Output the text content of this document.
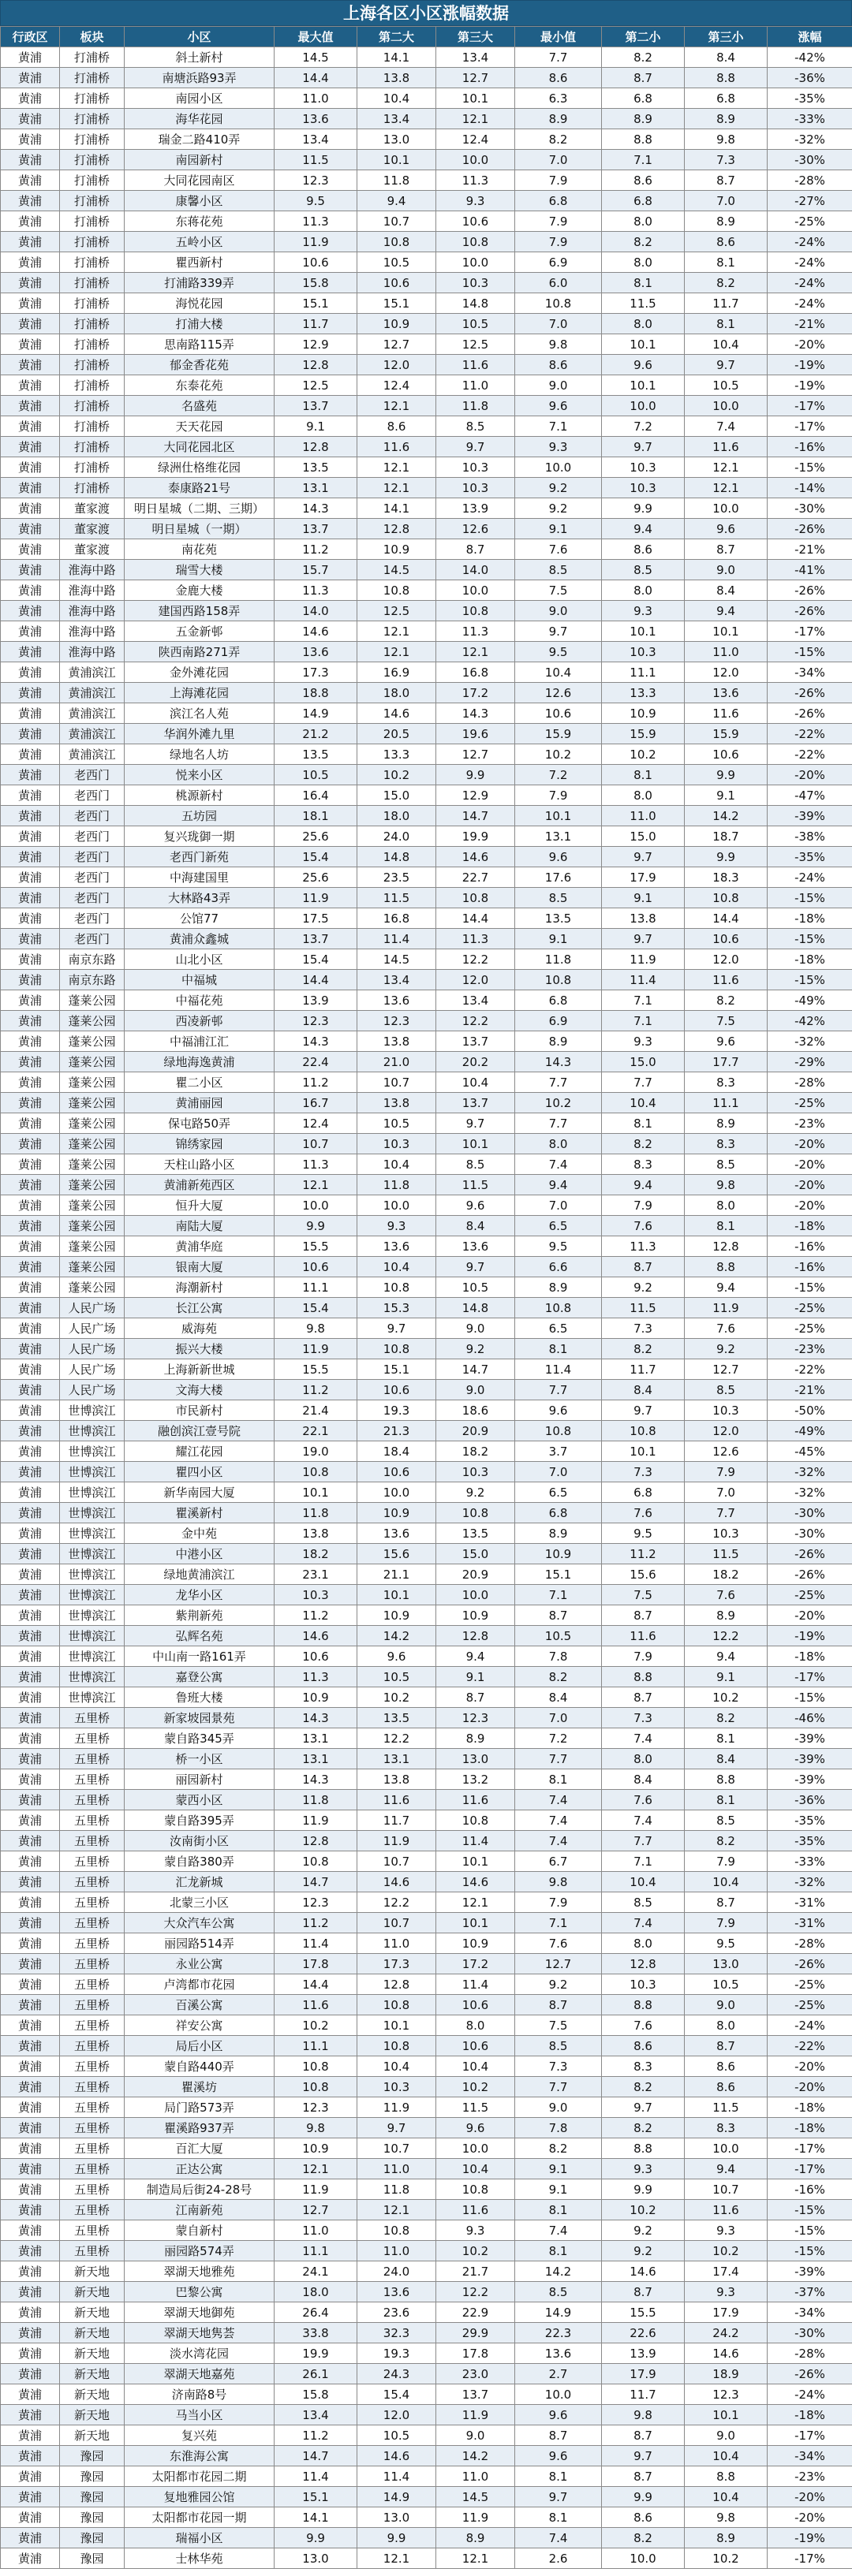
上海各区小区涨幅数据
行政区	板块	小区	最大值	第二大	第三大	最小值	第二小	第三小	涨幅
黄浦	打浦桥	斜土新村	14.5	14.1	13.4	7.7	8.2	8.4	-42%
黄浦	打浦桥	南塘浜路93弄	14.4	13.8	12.7	8.6	8.7	8.8	-36%
黄浦	打浦桥	南园小区	11.0	10.4	10.1	6.3	6.8	6.8	-35%
黄浦	打浦桥	海华花园	13.6	13.4	12.1	8.9	8.9	8.9	-33%
黄浦	打浦桥	瑞金二路410弄	13.4	13.0	12.4	8.2	8.8	9.8	-32%
黄浦	打浦桥	南园新村	11.5	10.1	10.0	7.0	7.1	7.3	-30%
黄浦	打浦桥	大同花园南区	12.3	11.8	11.3	7.9	8.6	8.7	-28%
黄浦	打浦桥	康馨小区	9.5	9.4	9.3	6.8	6.8	7.0	-27%
黄浦	打浦桥	东蒋花苑	11.3	10.7	10.6	7.9	8.0	8.9	-25%
黄浦	打浦桥	五岭小区	11.9	10.8	10.8	7.9	8.2	8.6	-24%
黄浦	打浦桥	瞿西新村	10.6	10.5	10.0	6.9	8.0	8.1	-24%
黄浦	打浦桥	打浦路339弄	15.8	10.6	10.3	6.0	8.1	8.2	-24%
黄浦	打浦桥	海悦花园	15.1	15.1	14.8	10.8	11.5	11.7	-24%
黄浦	打浦桥	打浦大楼	11.7	10.9	10.5	7.0	8.0	8.1	-21%
黄浦	打浦桥	思南路115弄	12.9	12.7	12.5	9.8	10.1	10.4	-20%
黄浦	打浦桥	郁金香花苑	12.8	12.0	11.6	8.6	9.6	9.7	-19%
黄浦	打浦桥	东泰花苑	12.5	12.4	11.0	9.0	10.1	10.5	-19%
黄浦	打浦桥	名盛苑	13.7	12.1	11.8	9.6	10.0	10.0	-17%
黄浦	打浦桥	天天花园	9.1	8.6	8.5	7.1	7.2	7.4	-17%
黄浦	打浦桥	大同花园北区	12.8	11.6	9.7	9.3	9.7	11.6	-16%
黄浦	打浦桥	绿洲仕格维花园	13.5	12.1	10.3	10.0	10.3	12.1	-15%
黄浦	打浦桥	泰康路21号	13.1	12.1	10.3	9.2	10.3	12.1	-14%
黄浦	董家渡	明日星城（二期、三期）	14.3	14.1	13.9	9.2	9.9	10.0	-30%
黄浦	董家渡	明日星城（一期）	13.7	12.8	12.6	9.1	9.4	9.6	-26%
黄浦	董家渡	南花苑	11.2	10.9	8.7	7.6	8.6	8.7	-21%
黄浦	淮海中路	瑞雪大楼	15.7	14.5	14.0	8.5	8.5	9.0	-41%
黄浦	淮海中路	金鹿大楼	11.3	10.8	10.0	7.5	8.0	8.4	-26%
黄浦	淮海中路	建国西路158弄	14.0	12.5	10.8	9.0	9.3	9.4	-26%
黄浦	淮海中路	五金新邨	14.6	12.1	11.3	9.7	10.1	10.1	-17%
黄浦	淮海中路	陕西南路271弄	13.6	12.1	12.1	9.5	10.3	11.0	-15%
黄浦	黄浦滨江	金外滩花园	17.3	16.9	16.8	10.4	11.1	12.0	-34%
黄浦	黄浦滨江	上海滩花园	18.8	18.0	17.2	12.6	13.3	13.6	-26%
黄浦	黄浦滨江	滨江名人苑	14.9	14.6	14.3	10.6	10.9	11.6	-26%
黄浦	黄浦滨江	华润外滩九里	21.2	20.5	19.6	15.9	15.9	15.9	-22%
黄浦	黄浦滨江	绿地名人坊	13.5	13.3	12.7	10.2	10.2	10.6	-22%
黄浦	老西门	悦来小区	10.5	10.2	9.9	7.2	8.1	9.9	-20%
黄浦	老西门	桃源新村	16.4	15.0	12.9	7.9	8.0	9.1	-47%
黄浦	老西门	五坊园	18.1	18.0	14.7	10.1	11.0	14.2	-39%
黄浦	老西门	复兴珑御一期	25.6	24.0	19.9	13.1	15.0	18.7	-38%
黄浦	老西门	老西门新苑	15.4	14.8	14.6	9.6	9.7	9.9	-35%
黄浦	老西门	中海建国里	25.6	23.5	22.7	17.6	17.9	18.3	-24%
黄浦	老西门	大林路43弄	11.9	11.5	10.8	8.5	9.1	10.8	-15%
黄浦	老西门	公馆77	17.5	16.8	14.4	13.5	13.8	14.4	-18%
黄浦	老西门	黄浦众鑫城	13.7	11.4	11.3	9.1	9.7	10.6	-15%
黄浦	南京东路	山北小区	15.4	14.5	12.2	11.8	11.9	12.0	-18%
黄浦	南京东路	中福城	14.4	13.4	12.0	10.8	11.4	11.6	-15%
黄浦	蓬莱公园	中福花苑	13.9	13.6	13.4	6.8	7.1	8.2	-49%
黄浦	蓬莱公园	西凌新邨	12.3	12.3	12.2	6.9	7.1	7.5	-42%
黄浦	蓬莱公园	中福浦江汇	14.3	13.8	13.7	8.9	9.3	9.6	-32%
黄浦	蓬莱公园	绿地海逸黄浦	22.4	21.0	20.2	14.3	15.0	17.7	-29%
黄浦	蓬莱公园	瞿二小区	11.2	10.7	10.4	7.7	7.7	8.3	-28%
黄浦	蓬莱公园	黄浦丽园	16.7	13.8	13.7	10.2	10.4	11.1	-25%
黄浦	蓬莱公园	保屯路50弄	12.4	10.5	9.7	7.7	8.1	8.9	-23%
黄浦	蓬莱公园	锦绣家园	10.7	10.3	10.1	8.0	8.2	8.3	-20%
黄浦	蓬莱公园	天柱山路小区	11.3	10.4	8.5	7.4	8.3	8.5	-20%
黄浦	蓬莱公园	黄浦新苑西区	12.1	11.8	11.5	9.4	9.4	9.8	-20%
黄浦	蓬莱公园	恒升大厦	10.0	10.0	9.6	7.0	7.9	8.0	-20%
黄浦	蓬莱公园	南陆大厦	9.9	9.3	8.4	6.5	7.6	8.1	-18%
黄浦	蓬莱公园	黄浦华庭	15.5	13.6	13.6	9.5	11.3	12.8	-16%
黄浦	蓬莱公园	银南大厦	10.6	10.4	9.7	6.6	8.7	8.8	-16%
黄浦	蓬莱公园	海潮新村	11.1	10.8	10.5	8.9	9.2	9.4	-15%
黄浦	人民广场	长江公寓	15.4	15.3	14.8	10.8	11.5	11.9	-25%
黄浦	人民广场	威海苑	9.8	9.7	9.0	6.5	7.3	7.6	-25%
黄浦	人民广场	振兴大楼	11.9	10.8	9.2	8.1	8.2	9.2	-23%
黄浦	人民广场	上海新新世城	15.5	15.1	14.7	11.4	11.7	12.7	-22%
黄浦	人民广场	文海大楼	11.2	10.6	9.0	7.7	8.4	8.5	-21%
黄浦	世博滨江	市民新村	21.4	19.3	18.6	9.6	9.7	10.3	-50%
黄浦	世博滨江	融创滨江壹号院	22.1	21.3	20.9	10.8	10.8	12.0	-49%
黄浦	世博滨江	耀江花园	19.0	18.4	18.2	3.7	10.1	12.6	-45%
黄浦	世博滨江	瞿四小区	10.8	10.6	10.3	7.0	7.3	7.9	-32%
黄浦	世博滨江	新华南园大厦	10.1	10.0	9.2	6.5	6.8	7.0	-32%
黄浦	世博滨江	瞿溪新村	11.8	10.9	10.8	6.8	7.6	7.7	-30%
黄浦	世博滨江	金中苑	13.8	13.6	13.5	8.9	9.5	10.3	-30%
黄浦	世博滨江	中港小区	18.2	15.6	15.0	10.9	11.2	11.5	-26%
黄浦	世博滨江	绿地黄浦滨江	23.1	21.1	20.9	15.1	15.6	18.2	-26%
黄浦	世博滨江	龙华小区	10.3	10.1	10.0	7.1	7.5	7.6	-25%
黄浦	世博滨江	紫荆新苑	11.2	10.9	10.9	8.7	8.7	8.9	-20%
黄浦	世博滨江	弘辉名苑	14.6	14.2	12.8	10.5	11.6	12.2	-19%
黄浦	世博滨江	中山南一路161弄	10.6	9.6	9.4	7.8	7.9	9.4	-18%
黄浦	世博滨江	嘉登公寓	11.3	10.5	9.1	8.2	8.8	9.1	-17%
黄浦	世博滨江	鲁班大楼	10.9	10.2	8.7	8.4	8.7	10.2	-15%
黄浦	五里桥	新家坡园景苑	14.3	13.5	12.3	7.0	7.3	8.2	-46%
黄浦	五里桥	蒙自路345弄	13.1	12.2	8.9	7.2	7.4	8.1	-39%
黄浦	五里桥	桥一小区	13.1	13.1	13.0	7.7	8.0	8.4	-39%
黄浦	五里桥	丽园新村	14.3	13.8	13.2	8.1	8.4	8.8	-39%
黄浦	五里桥	蒙西小区	11.8	11.6	11.6	7.4	7.6	8.1	-36%
黄浦	五里桥	蒙自路395弄	11.9	11.7	10.8	7.4	7.4	8.5	-35%
黄浦	五里桥	汝南街小区	12.8	11.9	11.4	7.4	7.7	8.2	-35%
黄浦	五里桥	蒙自路380弄	10.8	10.7	10.1	6.7	7.1	7.9	-33%
黄浦	五里桥	汇龙新城	14.7	14.6	14.6	9.8	10.4	10.4	-32%
黄浦	五里桥	北蒙三小区	12.3	12.2	12.1	7.9	8.5	8.7	-31%
黄浦	五里桥	大众汽车公寓	11.2	10.7	10.1	7.1	7.4	7.9	-31%
黄浦	五里桥	丽园路514弄	11.4	11.0	10.9	7.6	8.0	9.5	-28%
黄浦	五里桥	永业公寓	17.8	17.3	17.2	12.7	12.8	13.0	-26%
黄浦	五里桥	卢湾都市花园	14.4	12.8	11.4	9.2	10.3	10.5	-25%
黄浦	五里桥	百溪公寓	11.6	10.8	10.6	8.7	8.8	9.0	-25%
黄浦	五里桥	祥安公寓	10.2	10.1	8.0	7.5	7.6	8.0	-24%
黄浦	五里桥	局后小区	11.1	10.8	10.6	8.5	8.6	8.7	-22%
黄浦	五里桥	蒙自路440弄	10.8	10.4	10.4	7.3	8.3	8.6	-20%
黄浦	五里桥	瞿溪坊	10.8	10.3	10.2	7.7	8.2	8.6	-20%
黄浦	五里桥	局门路573弄	12.3	11.9	11.5	9.0	9.7	11.5	-18%
黄浦	五里桥	瞿溪路937弄	9.8	9.7	9.6	7.8	8.2	8.3	-18%
黄浦	五里桥	百汇大厦	10.9	10.7	10.0	8.2	8.8	10.0	-17%
黄浦	五里桥	正达公寓	12.1	11.0	10.4	9.1	9.3	9.4	-17%
黄浦	五里桥	制造局后街24-28号	11.9	11.8	10.8	9.1	9.9	10.7	-16%
黄浦	五里桥	江南新苑	12.7	12.1	11.6	8.1	10.2	11.6	-15%
黄浦	五里桥	蒙自新村	11.0	10.8	9.3	7.4	9.2	9.3	-15%
黄浦	五里桥	丽园路574弄	11.1	11.0	10.2	8.1	9.2	10.2	-15%
黄浦	新天地	翠湖天地雅苑	24.1	24.0	21.7	14.2	14.6	17.4	-39%
黄浦	新天地	巴黎公寓	18.0	13.6	12.2	8.5	8.7	9.3	-37%
黄浦	新天地	翠湖天地御苑	26.4	23.6	22.9	14.9	15.5	17.9	-34%
黄浦	新天地	翠湖天地隽荟	33.8	32.3	29.9	22.3	22.6	24.2	-30%
黄浦	新天地	淡水湾花园	19.9	19.3	17.8	13.6	13.9	14.6	-28%
黄浦	新天地	翠湖天地嘉苑	26.1	24.3	23.0	2.7	17.9	18.9	-26%
黄浦	新天地	济南路8号	15.8	15.4	13.7	10.0	11.7	12.3	-24%
黄浦	新天地	马当小区	13.4	12.0	11.9	9.6	9.8	10.1	-18%
黄浦	新天地	复兴苑	11.2	10.5	9.0	8.7	8.7	9.0	-17%
黄浦	豫园	东淮海公寓	14.7	14.6	14.2	9.6	9.7	10.4	-34%
黄浦	豫园	太阳都市花园二期	11.4	11.4	11.0	8.1	8.7	8.8	-23%
黄浦	豫园	复地雅园公馆	15.1	14.9	14.5	9.7	9.9	10.4	-20%
黄浦	豫园	太阳都市花园一期	14.1	13.0	11.9	8.1	8.6	9.8	-20%
黄浦	豫园	瑞福小区	9.9	9.9	8.9	7.4	8.2	8.9	-19%
黄浦	豫园	士林华苑	13.0	12.1	12.1	2.6	10.0	10.2	-17%
